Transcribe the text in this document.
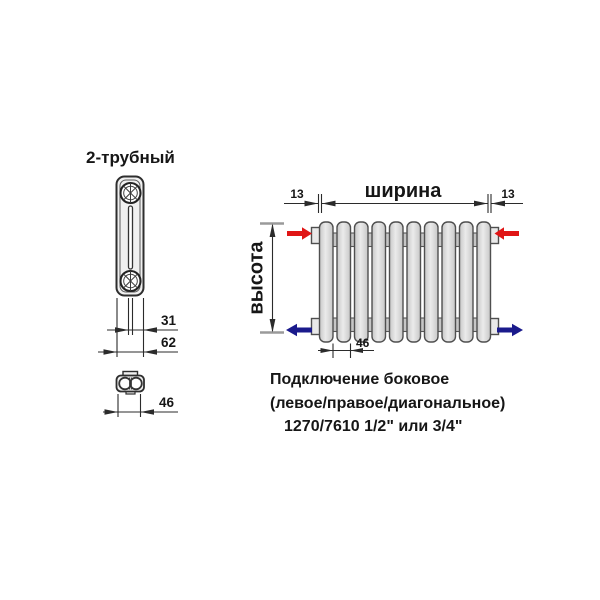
2-трубный
31
62
46
13	13
ширина
высота
46
Подключение боковое
(левое/правое/диагональное)
1270/7610 1/2" или 3/4"
